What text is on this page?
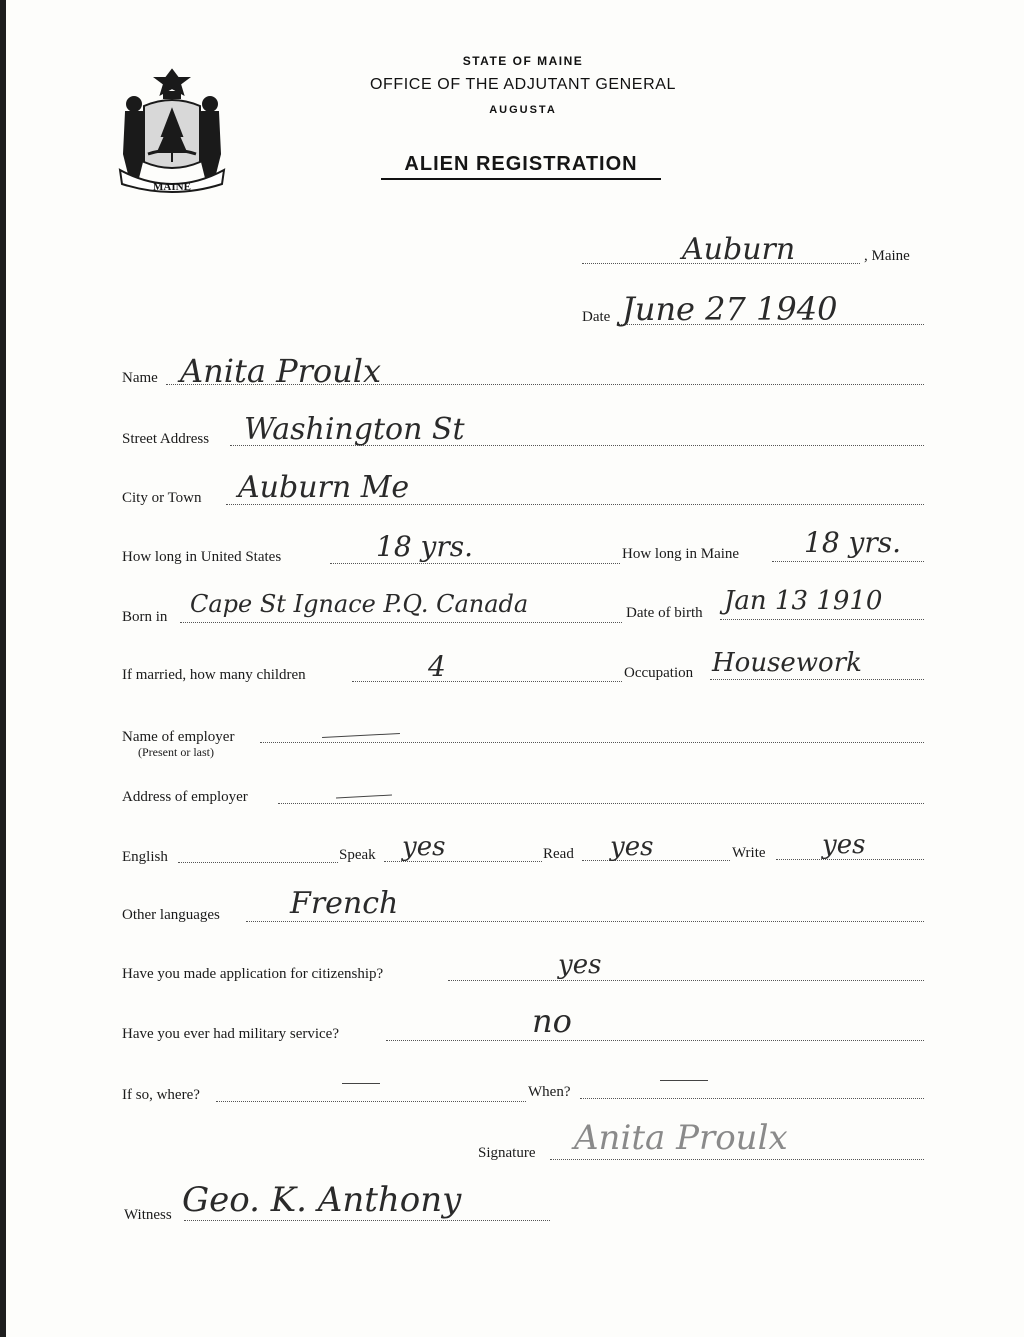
MAINE
STATE OF MAINE
OFFICE OF THE ADJUTANT GENERAL
AUGUSTA
ALIEN REGISTRATION
Auburn	, Maine
Date June 27 1940
Name Anita Proulx
Street Address Washington St
City or Town Auburn Me
How long in United States	18 yrs.	How long in Maine 18 yrs.
Born in Cape St Ignace P.Q. Canada	Date of birth Jan 13 1910
If married, how many children	4	Occupation Housework
Name of employer
(Present or last)
Address of employer
English	Speak yes	Read yes	Write yes
Other languages French
Have you made application for citizenship?	yes
Have you ever had military service?	no
If so, where?	When?
Signature Anita Proulx
Witness Geo. K. Anthony
